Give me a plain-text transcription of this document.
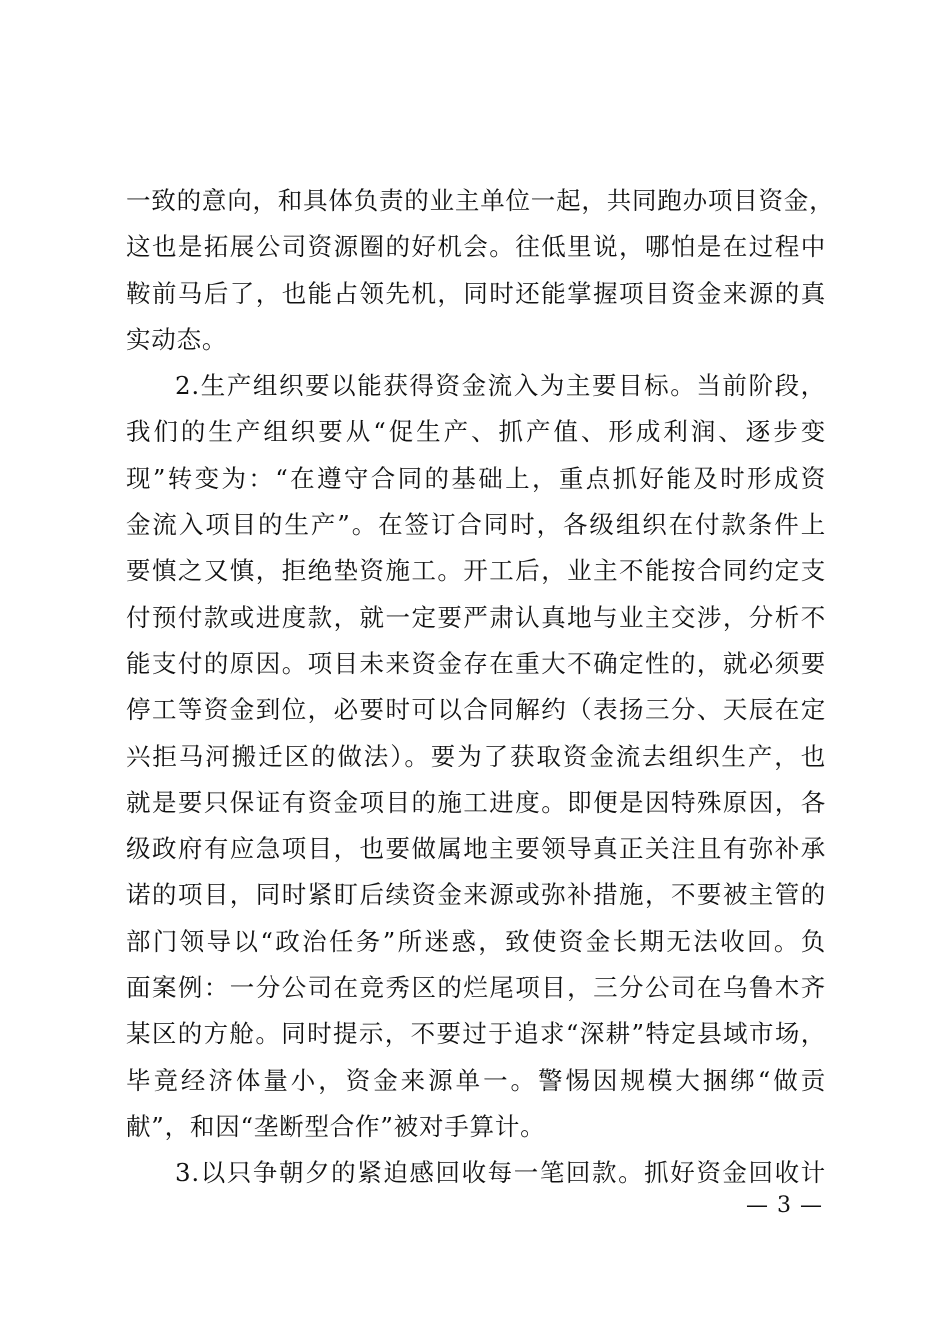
一致的意向，和具体负责的业主单位一起，共同跑办项目资金，
这也是拓展公司资源圈的好机会。往低里说，哪怕是在过程中
鞍前马后了，也能占领先机，同时还能掌握项目资金来源的真
实动态。
2.生产组织要以能获得资金流入为主要目标。当前阶段，
我们的生产组织要从“促生产、抓产值、形成利润、逐步变
现”转变为：“在遵守合同的基础上，重点抓好能及时形成资
金流入项目的生产”。在签订合同时，各级组织在付款条件上
要慎之又慎，拒绝垫资施工。开工后，业主不能按合同约定支
付预付款或进度款，就一定要严肃认真地与业主交涉，分析不
能支付的原因。项目未来资金存在重大不确定性的，就必须要
停工等资金到位，必要时可以合同解约（表扬三分、天辰在定
兴拒马河搬迁区的做法）。要为了获取资金流去组织生产，也
就是要只保证有资金项目的施工进度。即便是因特殊原因，各
级政府有应急项目，也要做属地主要领导真正关注且有弥补承
诺的项目，同时紧盯后续资金来源或弥补措施，不要被主管的
部门领导以“政治任务”所迷惑，致使资金长期无法收回。负
面案例：一分公司在竞秀区的烂尾项目，三分公司在乌鲁木齐
某区的方舱。同时提示，不要过于追求“深耕”特定县域市场，
毕竟经济体量小，资金来源单一。警惕因规模大捆绑“做贡
献”，和因“垄断型合作”被对手算计。
3.以只争朝夕的紧迫感回收每一笔回款。抓好资金回收计
— 3 —
